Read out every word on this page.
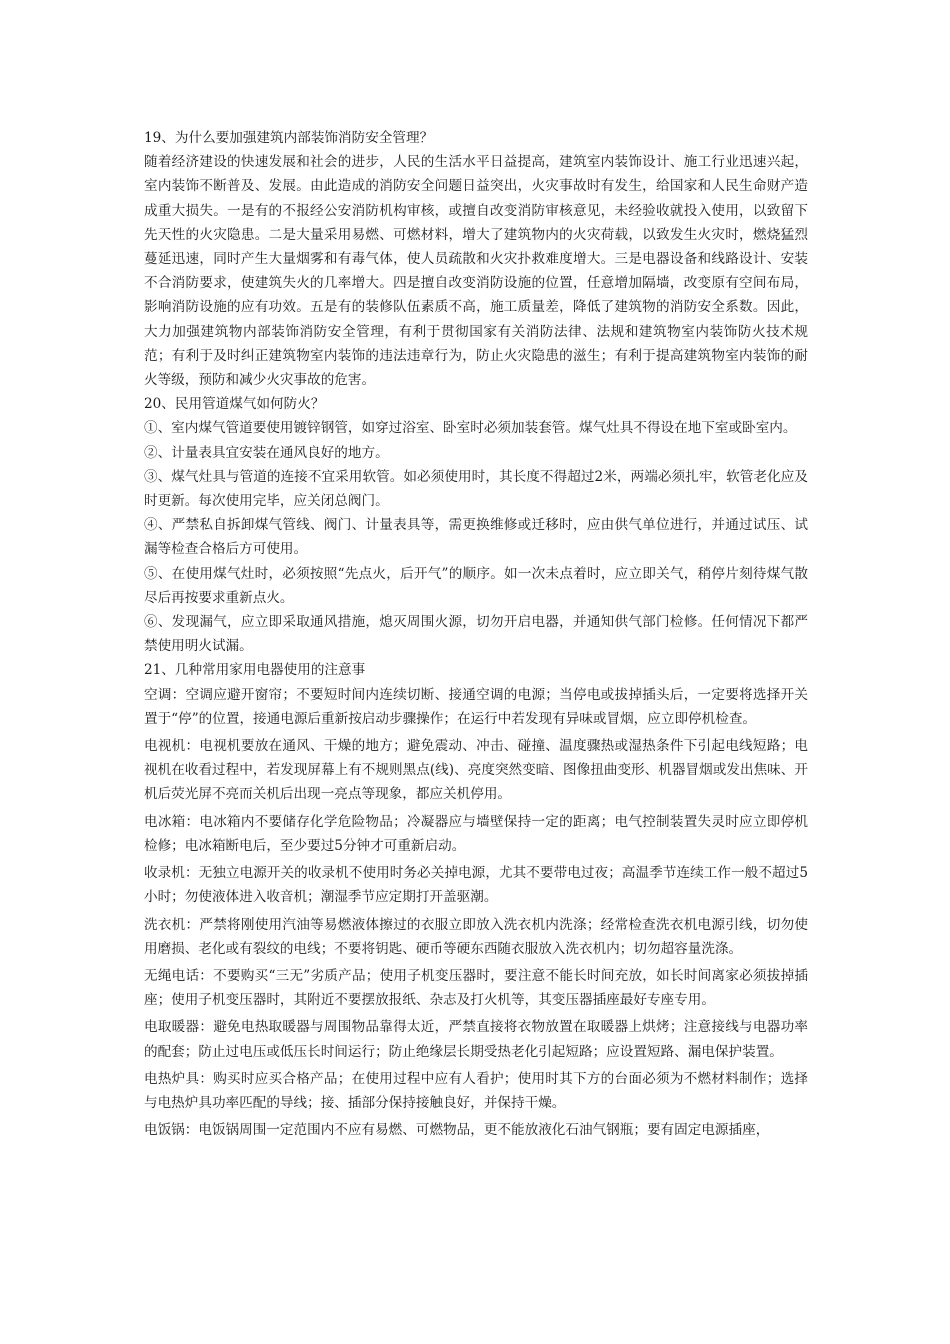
19、为什么要加强建筑内部装饰消防安全管理？

随着经济建设的快速发展和社会的进步，人民的生活水平日益提高，建筑室内装饰设计、施工行业迅速兴起，室内装饰不断普及、发展。由此造成的消防安全问题日益突出，火灾事故时有发生，给国家和人民生命财产造成重大损失。一是有的不报经公安消防机构审核，或擅自改变消防审核意见，未经验收就投入使用，以致留下先天性的火灾隐患。二是大量采用易燃、可燃材料，增大了建筑物内的火灾荷载，以致发生火灾时，燃烧猛烈蔓延迅速，同时产生大量烟雾和有毒气体，使人员疏散和火灾扑救难度增大。三是电器设备和线路设计、安装不合消防要求，使建筑失火的几率增大。四是擅自改变消防设施的位置，任意增加隔墙，改变原有空间布局，影响消防设施的应有功效。五是有的装修队伍素质不高，施工质量差，降低了建筑物的消防安全系数。因此，大力加强建筑物内部装饰消防安全管理，有利于贯彻国家有关消防法律、法规和建筑物室内装饰防火技术规范；有利于及时纠正建筑物室内装饰的违法违章行为，防止火灾隐患的滋生；有利于提高建筑物室内装饰的耐火等级，预防和减少火灾事故的危害。

20、民用管道煤气如何防火？

①、室内煤气管道要使用镀锌钢管，如穿过浴室、卧室时必须加装套管。煤气灶具不得设在地下室或卧室内。

②、计量表具宜安装在通风良好的地方。

③、煤气灶具与管道的连接不宜采用软管。如必须使用时，其长度不得超过2米，两端必须扎牢，软管老化应及时更新。每次使用完毕，应关闭总阀门。

④、严禁私自拆卸煤气管线、阀门、计量表具等，需更换维修或迁移时，应由供气单位进行，并通过试压、试漏等检查合格后方可使用。

⑤、在使用煤气灶时，必须按照“先点火，后开气”的顺序。如一次未点着时，应立即关气，稍停片刻待煤气散尽后再按要求重新点火。

⑥、发现漏气，应立即采取通风措施，熄灭周围火源，切勿开启电器，并通知供气部门检修。任何情况下都严禁使用明火试漏。

21、几种常用家用电器使用的注意事

空调：空调应避开窗帘；不要短时间内连续切断、接通空调的电源；当停电或拔掉插头后，一定要将选择开关置于“停”的位置，接通电源后重新按启动步骤操作；在运行中若发现有异味或冒烟，应立即停机检查。

电视机：电视机要放在通风、干燥的地方；避免震动、冲击、碰撞、温度骤热或湿热条件下引起电线短路；电视机在收看过程中，若发现屏幕上有不规则黑点(线)、亮度突然变暗、图像扭曲变形、机器冒烟或发出焦味、开机后荧光屏不亮而关机后出现一亮点等现象，都应关机停用。

电冰箱：电冰箱内不要储存化学危险物品；冷凝器应与墙壁保持一定的距离；电气控制装置失灵时应立即停机检修；电冰箱断电后，至少要过5分钟才可重新启动。

收录机：无独立电源开关的收录机不使用时务必关掉电源，尤其不要带电过夜；高温季节连续工作一般不超过5小时；勿使液体进入收音机；潮湿季节应定期打开盖驱潮。

洗衣机：严禁将刚使用汽油等易燃液体擦过的衣服立即放入洗衣机内洗涤；经常检查洗衣机电源引线，切勿使用磨损、老化或有裂纹的电线；不要将钥匙、硬币等硬东西随衣服放入洗衣机内；切勿超容量洗涤。

无绳电话：不要购买“三无”劣质产品；使用子机变压器时，要注意不能长时间充放，如长时间离家必须拔掉插座；使用子机变压器时，其附近不要摆放报纸、杂志及打火机等，其变压器插座最好专座专用。

电取暖器：避免电热取暖器与周围物品靠得太近，严禁直接将衣物放置在取暖器上烘烤；注意接线与电器功率的配套；防止过电压或低压长时间运行；防止绝缘层长期受热老化引起短路；应设置短路、漏电保护装置。

电热炉具：购买时应买合格产品；在使用过程中应有人看护；使用时其下方的台面必须为不燃材料制作；选择与电热炉具功率匹配的导线；接、插部分保持接触良好，并保持干燥。

电饭锅：电饭锅周围一定范围内不应有易燃、可燃物品，更不能放液化石油气钢瓶；要有固定电源插座，
